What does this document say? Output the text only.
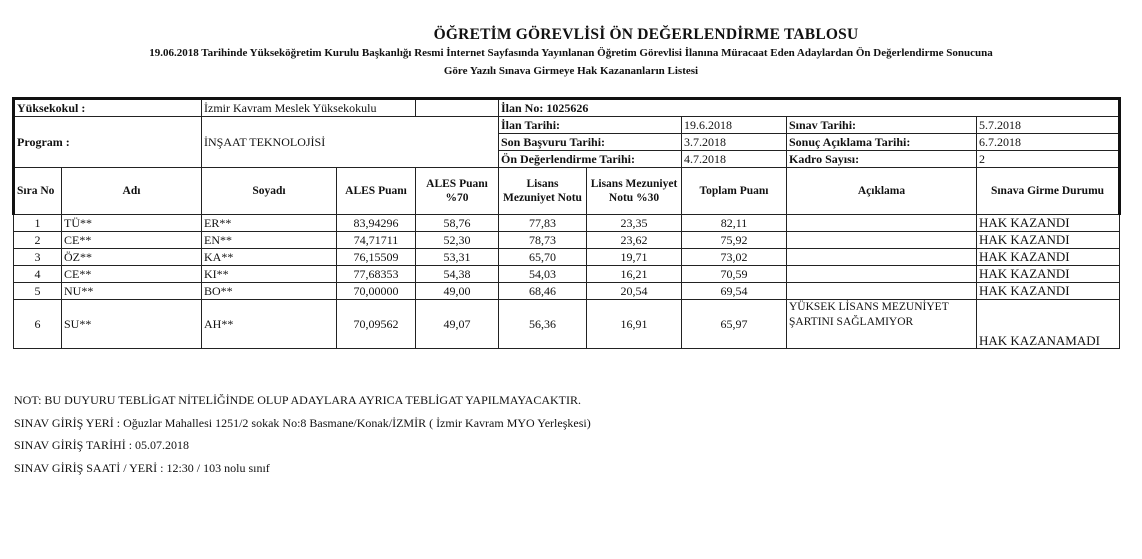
ÖĞRETİM GÖREVLİSİ ÖN DEĞERLENDİRME TABLOSU
19.06.2018 Tarihinde Yükseköğretim Kurulu Başkanlığı Resmi İnternet Sayfasında Yayınlanan Öğretim Görevlisi İlanına Müracaat Eden Adaylardan Ön Değerlendirme Sonucuna
Göre Yazılı Sınava Girmeye Hak Kazananların Listesi
Yüksekokul :		İzmir Kavram Meslek Yüksekokulu			İlan No: 1025626				
Program :		İNŞAAT TEKNOLOJİSİ			İlan Tarihi:		19.6.2018	Sınav Tarihi:	5.7.2018
					Son Başvuru Tarihi:		3.7.2018	Sonuç Açıklama Tarihi:	6.7.2018
					Ön Değerlendirme Tarihi:		4.7.2018	Kadro Sayısı:	2
Sıra No	Adı	Soyadı	ALES Puanı	ALES Puanı %70	Lisans Mezuniyet Notu	Lisans Mezuniyet Notu %30	Toplam Puanı	Açıklama	Sınava Girme Durumu
1	TÜ**	ER**	83,94296	58,76	77,83	23,35	82,11		HAK KAZANDI
2	CE**	EN**	74,71711	52,30	78,73	23,62	75,92		HAK KAZANDI
3	ÖZ**	KA**	76,15509	53,31	65,70	19,71	73,02		HAK KAZANDI
4	CE**	KI**	77,68353	54,38	54,03	16,21	70,59		HAK KAZANDI
5	NU**	BO**	70,00000	49,00	68,46	20,54	69,54		HAK KAZANDI
6	SU**	AH**	70,09562	49,07	56,36	16,91	65,97	YÜKSEK LİSANS MEZUNİYET ŞARTINI SAĞLAMIYOR	HAK KAZANAMADI
NOT: BU DUYURU TEBLİGAT NİTELİĞİNDE OLUP ADAYLARA AYRICA TEBLİGAT YAPILMAYACAKTIR.
SINAV GİRİŞ YERİ : Oğuzlar Mahallesi 1251/2 sokak No:8 Basmane/Konak/İZMİR ( İzmir Kavram MYO Yerleşkesi)
SINAV GİRİŞ TARİHİ : 05.07.2018
SINAV GİRİŞ SAATİ / YERİ : 12:30 / 103 nolu sınıf
